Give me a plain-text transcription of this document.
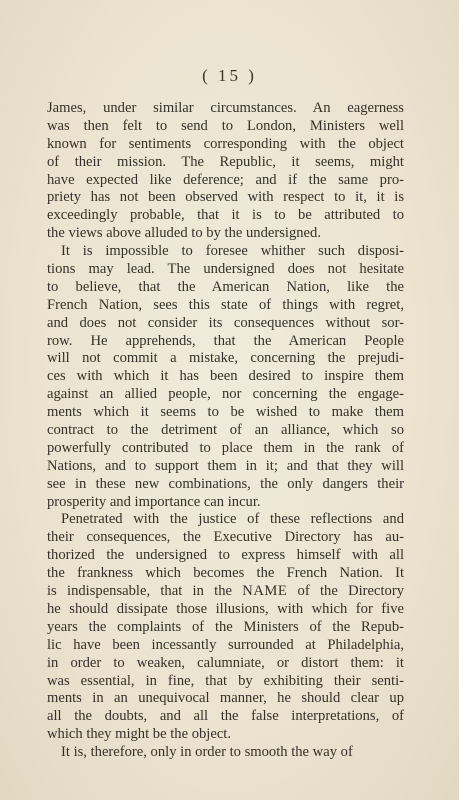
( 15 )
James, under similar circumstances. An eagerness
was then felt to send to London, Ministers well
known for sentiments corresponding with the object
of their mission. The Republic, it seems, might
have expected like deference; and if the same pro-
priety has not been observed with respect to it, it is
exceedingly probable, that it is to be attributed to
the views above alluded to by the undersigned.
It is impossible to foresee whither such disposi-
tions may lead. The undersigned does not hesitate
to believe, that the American Nation, like the
French Nation, sees this state of things with regret,
and does not consider its consequences without sor-
row. He apprehends, that the American People
will not commit a mistake, concerning the prejudi-
ces with which it has been desired to inspire them
against an allied people, nor concerning the engage-
ments which it seems to be wished to make them
contract to the detriment of an alliance, which so
powerfully contributed to place them in the rank of
Nations, and to support them in it; and that they will
see in these new combinations, the only dangers their
prosperity and importance can incur.
Penetrated with the justice of these reflections and
their consequences, the Executive Directory has au-
thorized the undersigned to express himself with all
the frankness which becomes the French Nation. It
is indispensable, that in the NAME of the Directory
he should dissipate those illusions, with which for five
years the complaints of the Ministers of the Repub-
lic have been incessantly surrounded at Philadelphia,
in order to weaken, calumniate, or distort them: it
was essential, in fine, that by exhibiting their senti-
ments in an unequivocal manner, he should clear up
all the doubts, and all the false interpretations, of
which they might be the object.
It is, therefore, only in order to smooth the way of
